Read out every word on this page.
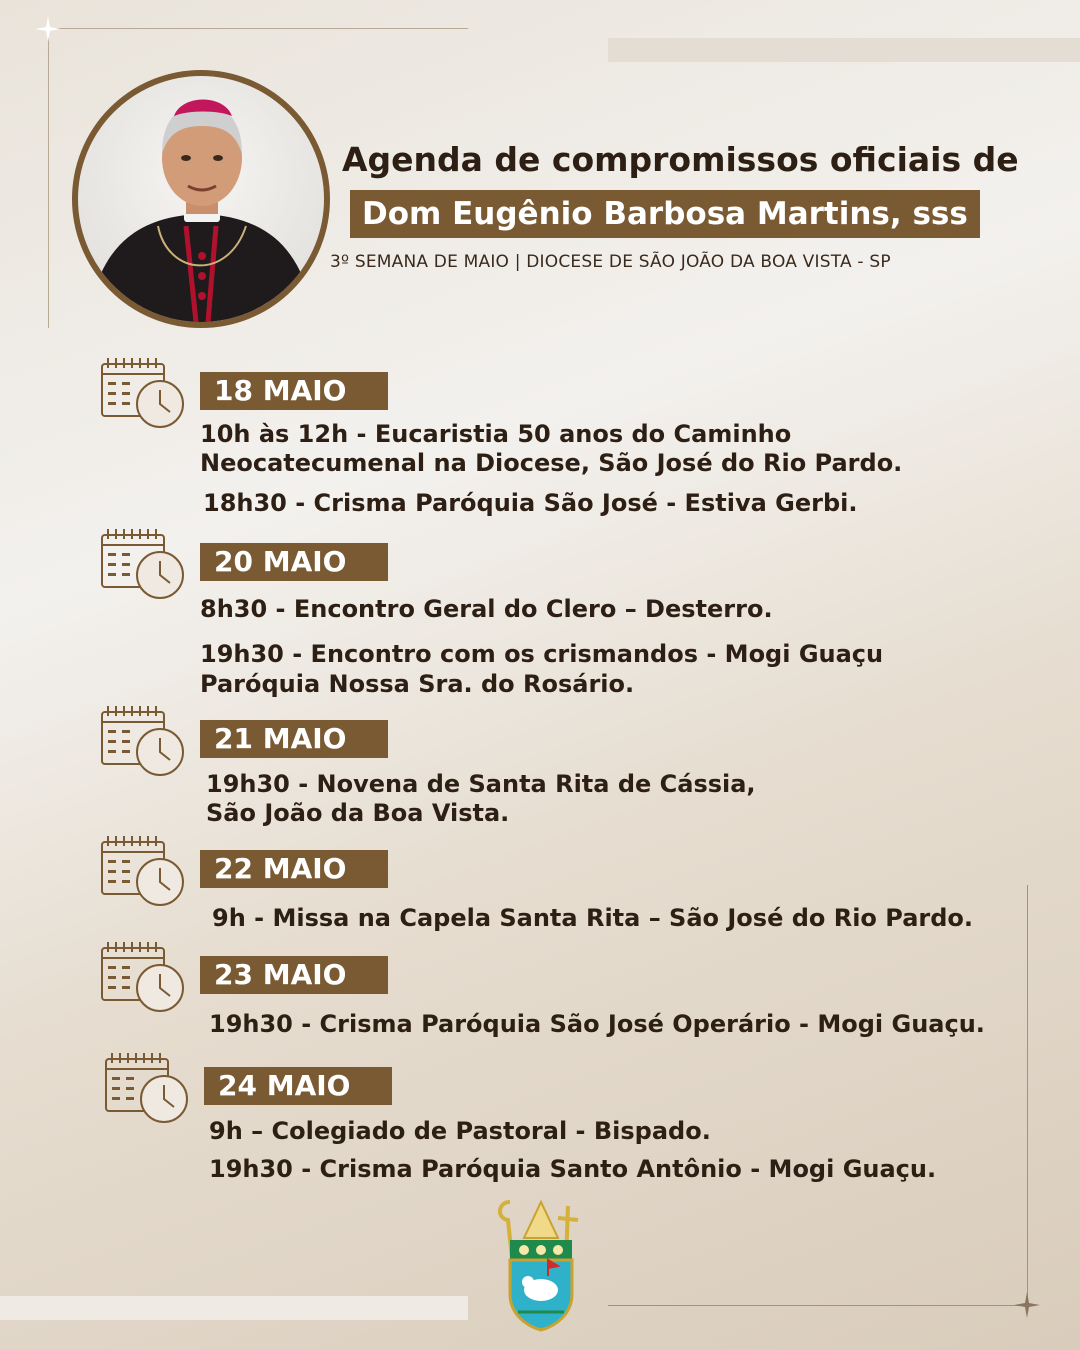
Agenda de compromissos oficiais de
Dom Eugênio Barbosa Martins, sss
3º SEMANA DE MAIO | DIOCESE DE SÃO JOÃO DA BOA VISTA - SP
18 MAIO
10h às 12h - Eucaristia 50 anos do Caminho
Neocatecumenal na Diocese, São José do Rio Pardo.
18h30 - Crisma Paróquia São José - Estiva Gerbi.
20 MAIO
8h30 - Encontro Geral do Clero – Desterro.
19h30 - Encontro com os crismandos - Mogi Guaçu
Paróquia Nossa Sra. do Rosário.
21 MAIO
19h30 - Novena de Santa Rita de Cássia,
São João da Boa Vista.
22 MAIO
9h - Missa na Capela Santa Rita – São José do Rio Pardo.
23 MAIO
19h30 - Crisma Paróquia São José Operário - Mogi Guaçu.
24 MAIO
9h – Colegiado de Pastoral - Bispado.
19h30 - Crisma Paróquia Santo Antônio - Mogi Guaçu.
